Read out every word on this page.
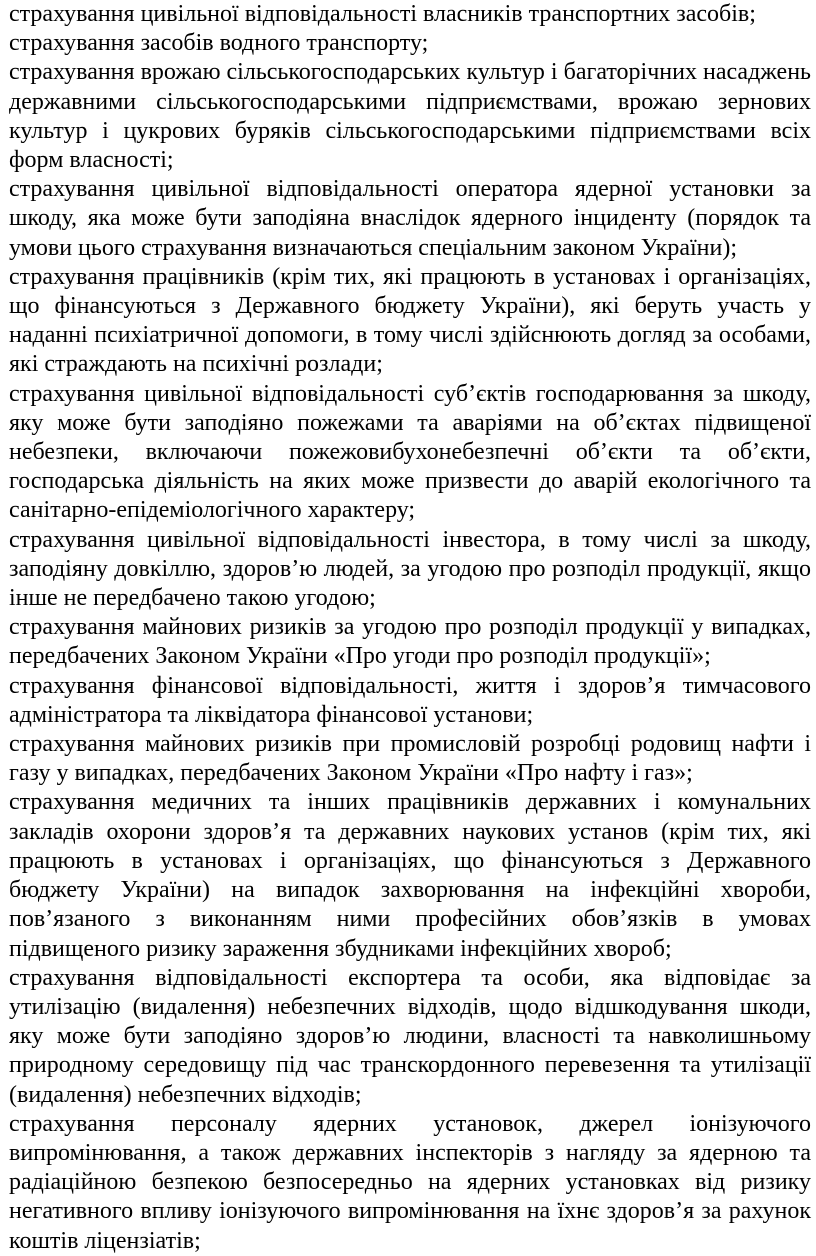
страхування цивільної відповідальності власників транспортних засобів;

страхування засобів водного транспорту;

страхування врожаю сільськогосподарських культур і багаторічних насаджень державними сільськогосподарськими підприємствами, врожаю зернових культур і цукрових буряків сільськогосподарськими підприємствами всіх форм власності;

страхування цивільної відповідальності оператора ядерної установки за шкоду, яка може бути заподіяна внаслідок ядерного інциденту (порядок та умови цього страхування визначаються спеціальним законом України);

страхування працівників (крім тих, які працюють в установах і організаціях, що фінансуються з Державного бюджету України), які беруть участь у наданні психіатричної допомоги, в тому числі здійснюють догляд за особами, які страждають на психічні розлади;

страхування цивільної відповідальності суб’єктів господарювання за шкоду, яку може бути заподіяно пожежами та аваріями на об’єктах підвищеної небезпеки, включаючи пожежовибухонебезпечні об’єкти та об’єкти, господарська діяльність на яких може призвести до аварій екологічного та санітарно-епідеміологічного характеру;

страхування цивільної відповідальності інвестора, в тому числі за шкоду, заподіяну довкіллю, здоров’ю людей, за угодою про розподіл продукції, якщо інше не передбачено такою угодою;

страхування майнових ризиків за угодою про розподіл продукції у випадках, передбачених Законом України «Про угоди про розподіл продукції»;

страхування фінансової відповідальності, життя і здоров’я тимчасового адміністратора та ліквідатора фінансової установи;

страхування майнових ризиків при промисловій розробці родовищ нафти і газу у випадках, передбачених Законом України «Про нафту і газ»;

страхування медичних та інших працівників державних і комунальних закладів охорони здоров’я та державних наукових установ (крім тих, які працюють в установах і організаціях, що фінансуються з Державного бюджету України) на випадок захворювання на інфекційні хвороби, пов’язаного з виконанням ними професійних обов’язків в умовах підвищеного ризику зараження збудниками інфекційних хвороб;

страхування відповідальності експортера та особи, яка відповідає за утилізацію (видалення) небезпечних відходів, щодо відшкодування шкоди, яку може бути заподіяно здоров’ю людини, власності та навколишньому природному середовищу під час транскордонного перевезення та утилізації (видалення) небезпечних відходів;

страхування персоналу ядерних установок, джерел іонізуючого випромінювання, а також державних інспекторів з нагляду за ядерною та радіаційною безпекою безпосередньо на ядерних установках від ризику негативного впливу іонізуючого випромінювання на їхнє здоров’я за рахунок коштів ліцензіатів;
